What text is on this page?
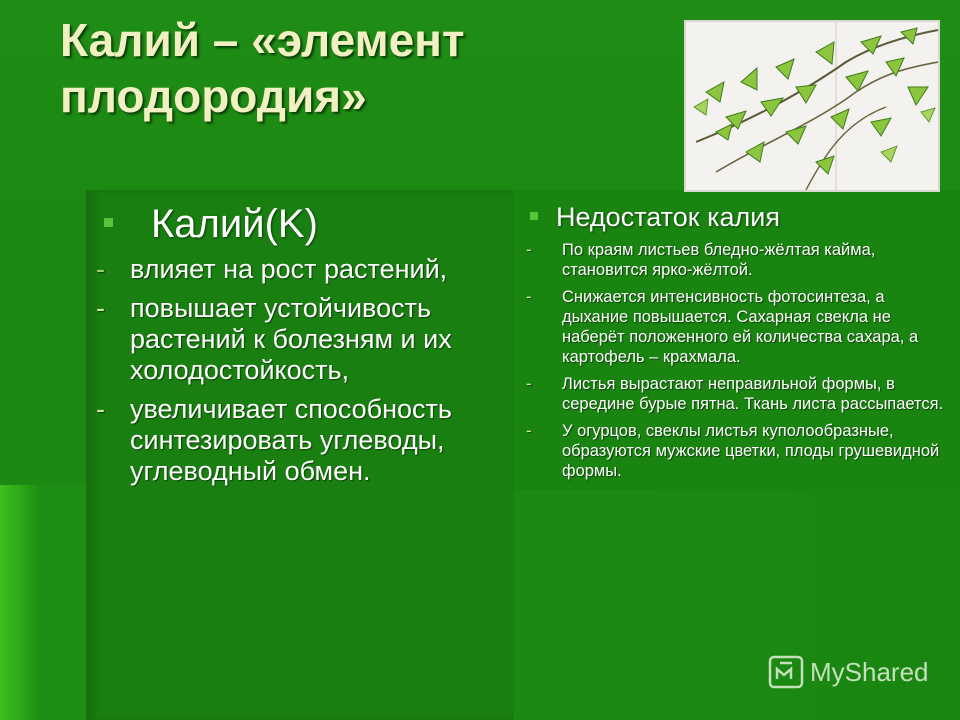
Калий – «элемент плодородия»
Калий(K)
- влияет на рост растений,
- повышает устойчивость растений к болезням и их холодостойкость,
- увеличивает способность синтезировать углеводы, углеводный обмен.
Недостаток калия
-	По краям листьев бледно-жёлтая кайма, становится ярко-жёлтой.
-	Снижается интенсивность фотосинтеза, а дыхание повышается. Сахарная свекла не наберёт положенного ей количества сахара, а картофель – крахмала.
-	Листья вырастают неправильной формы, в середине бурые пятна. Ткань листа рассыпается.
-	У огурцов, свеклы листья куполообразные, образуются мужские цветки, плоды грушевидной формы.
MyShared
